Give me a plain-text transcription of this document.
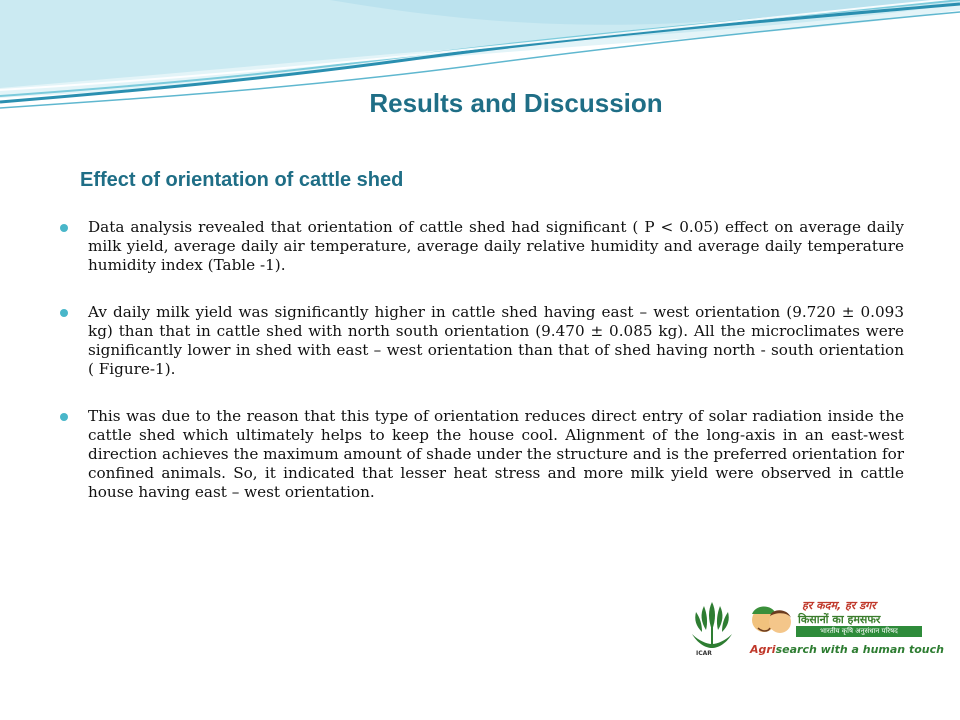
Results and Discussion
Effect of orientation of cattle shed
Data analysis revealed that orientation of cattle shed had significant ( P < 0.05) effect on average daily milk yield, average daily air temperature, average daily relative humidity and average daily temperature humidity index (Table -1).
Av daily milk yield was significantly higher in cattle shed having east – west orientation (9.720 ± 0.093 kg) than that in cattle shed with north south orientation (9.470 ± 0.085 kg). All the microclimates were significantly lower in shed with east – west orientation than that of shed having north - south orientation ( Figure-1).
This was due to the reason that this type of orientation reduces direct entry of solar radiation inside the cattle shed which ultimately helps to keep the house cool. Alignment of the long-axis in an east-west direction achieves the maximum amount of shade under the structure and is the preferred orientation for confined animals. So, it indicated that lesser heat stress and more milk yield were observed in cattle house having east – west orientation.
ICAR
हर कदम, हर डगर
किसानों का हमसफर
भारतीय कृषि अनुसंधान परिषद
Agrisearch with a human touch
